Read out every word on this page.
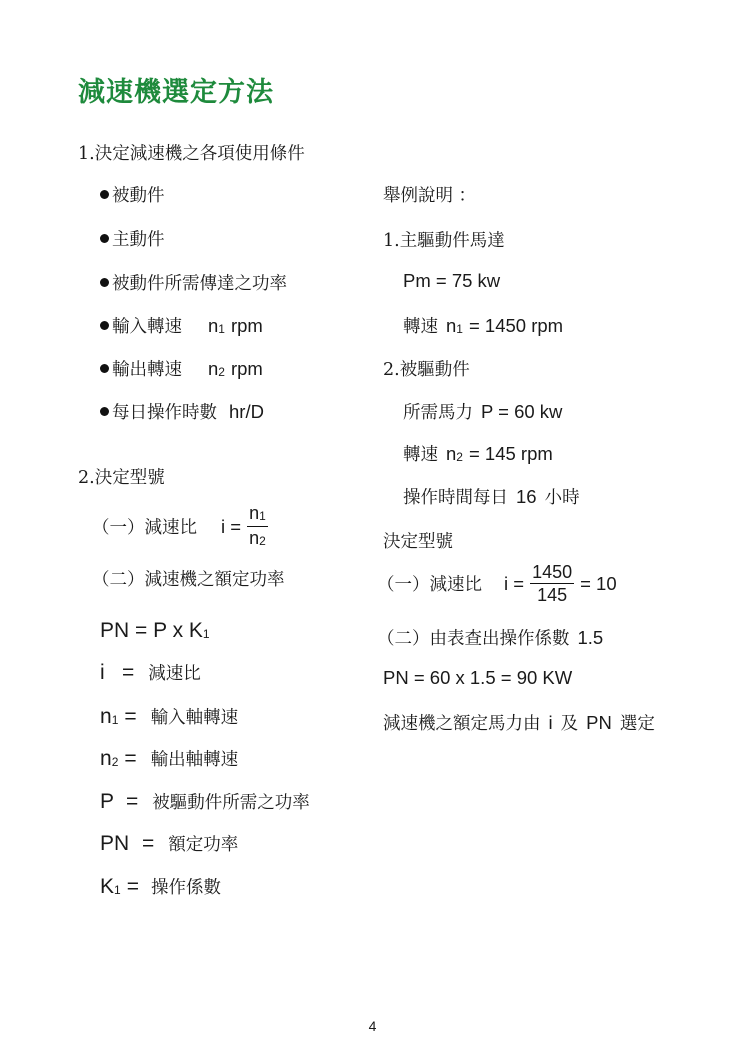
減速機選定方法
1.決定減速機之各項使用條件
被動件
主動件
被動件所需傳達之功率
輸入轉速 n 1 rpm
輸出轉速 n 2 rpm
每日操作時數 hr/D
2.決定型號
（一）減速比 $i = \frac{n1}{n2}$
（二）減速機之額定功率
PN = P x K 1
i = 減速比
n 1 = 輸入軸轉速
n 2 = 輸出軸轉速
P = 被驅動件所需之功率
PN = 額定功率
K 1 = 操作係數
舉例說明 ：
1.主驅動件馬達
Pm = 75 kw
轉速 n 1 = 1450 rpm
2.被驅動件
所需馬力 P = 60 kw
轉速 n 2 = 145 rpm
操作時間每日 16 小時
決定型號
（一）減速比 $i = \frac{1450}{145} = 10$
（二）由表查出操作係數 1.5
PN = 60 x 1.5 = 90 KW
減速機之額定馬力由 i 及 PN 選定
4
